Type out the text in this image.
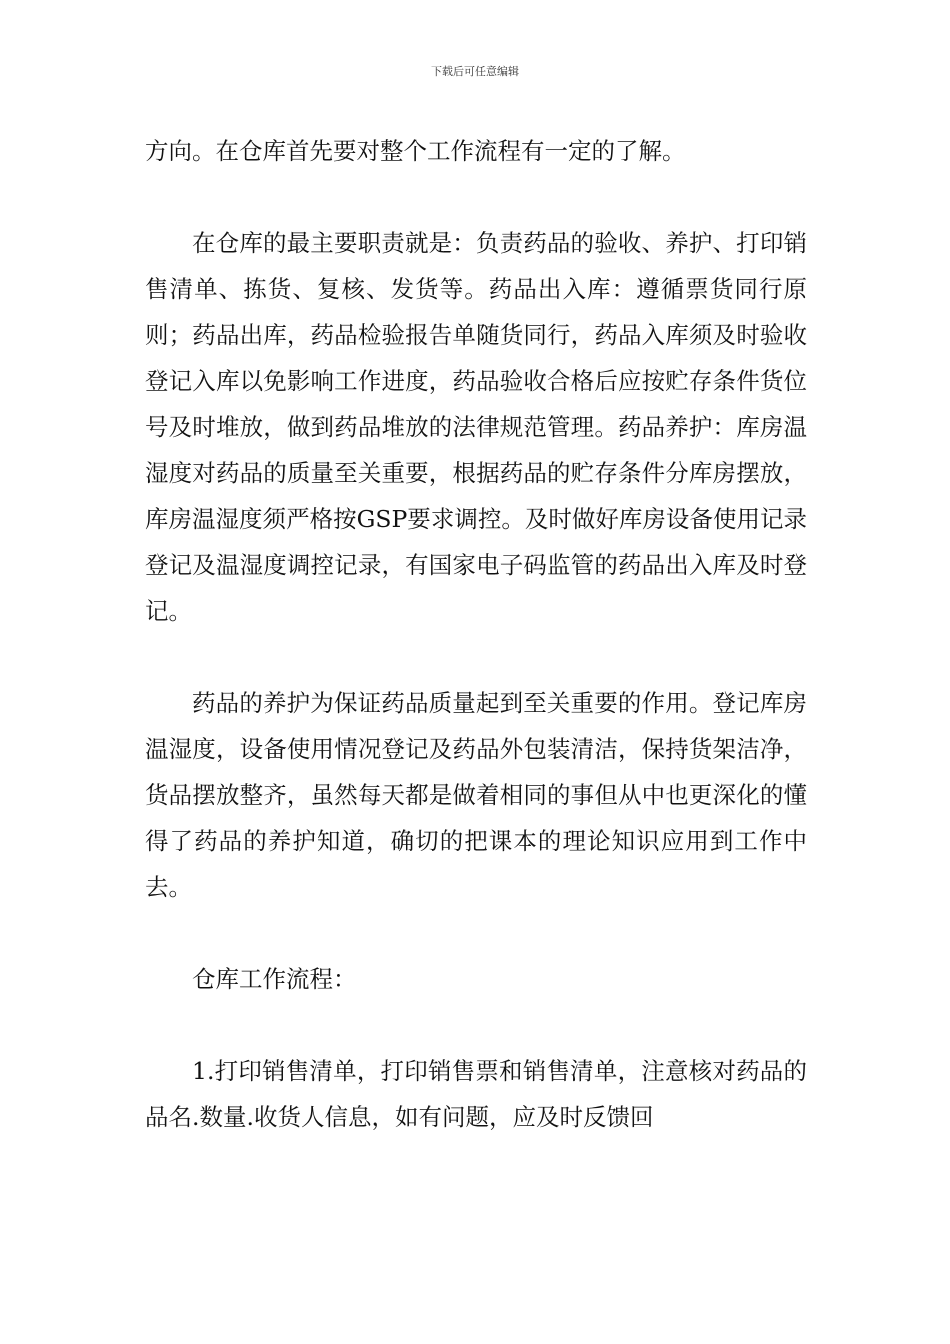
下载后可任意编辑

方向。在仓库首先要对整个工作流程有一定的了解。

在仓库的最主要职责就是：负责药品的验收、养护、打印销售清单、拣货、复核、发货等。药品出入库：遵循票货同行原则；药品出库，药品检验报告单随货同行，药品入库须及时验收登记入库以免影响工作进度，药品验收合格后应按贮存条件货位号及时堆放，做到药品堆放的法律规范管理。药品养护：库房温湿度对药品的质量至关重要，根据药品的贮存条件分库房摆放，库房温湿度须严格按GSP要求调控。及时做好库房设备使用记录登记及温湿度调控记录，有国家电子码监管的药品出入库及时登记。

药品的养护为保证药品质量起到至关重要的作用。登记库房温湿度，设备使用情况登记及药品外包装清洁，保持货架洁净，货品摆放整齐，虽然每天都是做着相同的事但从中也更深化的懂得了药品的养护知道，确切的把课本的理论知识应用到工作中去。

仓库工作流程：

1.打印销售清单，打印销售票和销售清单，注意核对药品的品名.数量.收货人信息，如有问题，应及时反馈回
